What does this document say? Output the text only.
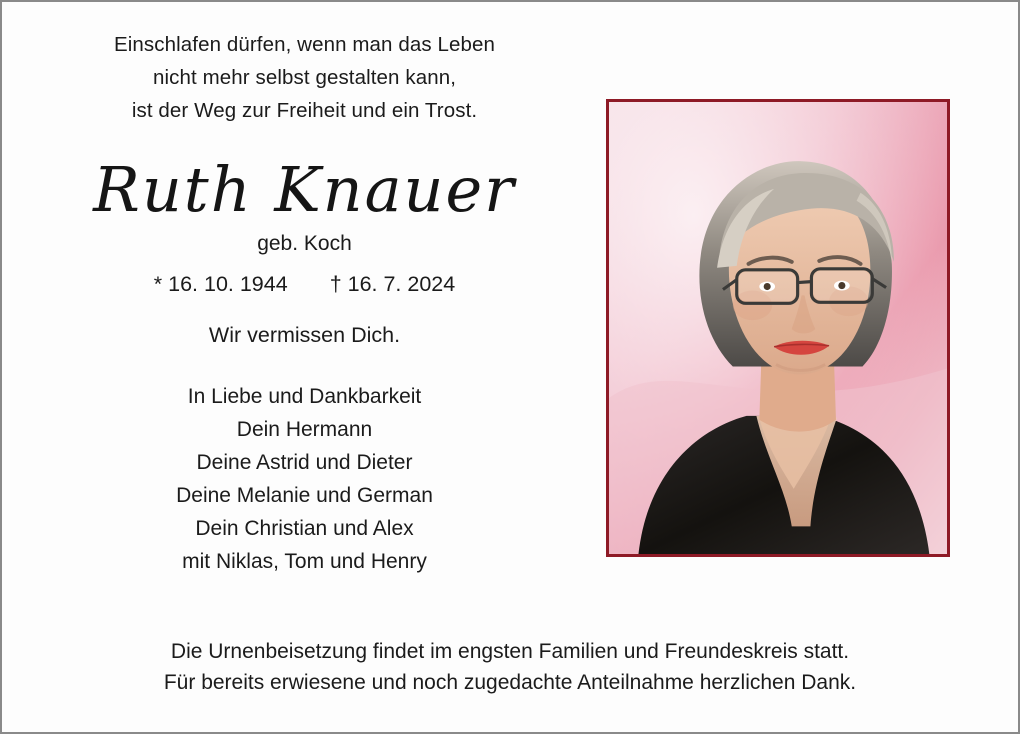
Einschlafen dürfen, wenn man das Leben
nicht mehr selbst gestalten kann,
ist der Weg zur Freiheit und ein Trost.
Ruth Knauer
geb. Koch
* 16. 10. 1944 † 16. 7. 2024
Wir vermissen Dich.
In Liebe und Dankbarkeit
Dein Hermann
Deine Astrid und Dieter
Deine Melanie und German
Dein Christian und Alex
mit Niklas, Tom und Henry
Die Urnenbeisetzung findet im engsten Familien und Freundeskreis statt.
Für bereits erwiesene und noch zugedachte Anteilnahme herzlichen Dank.
